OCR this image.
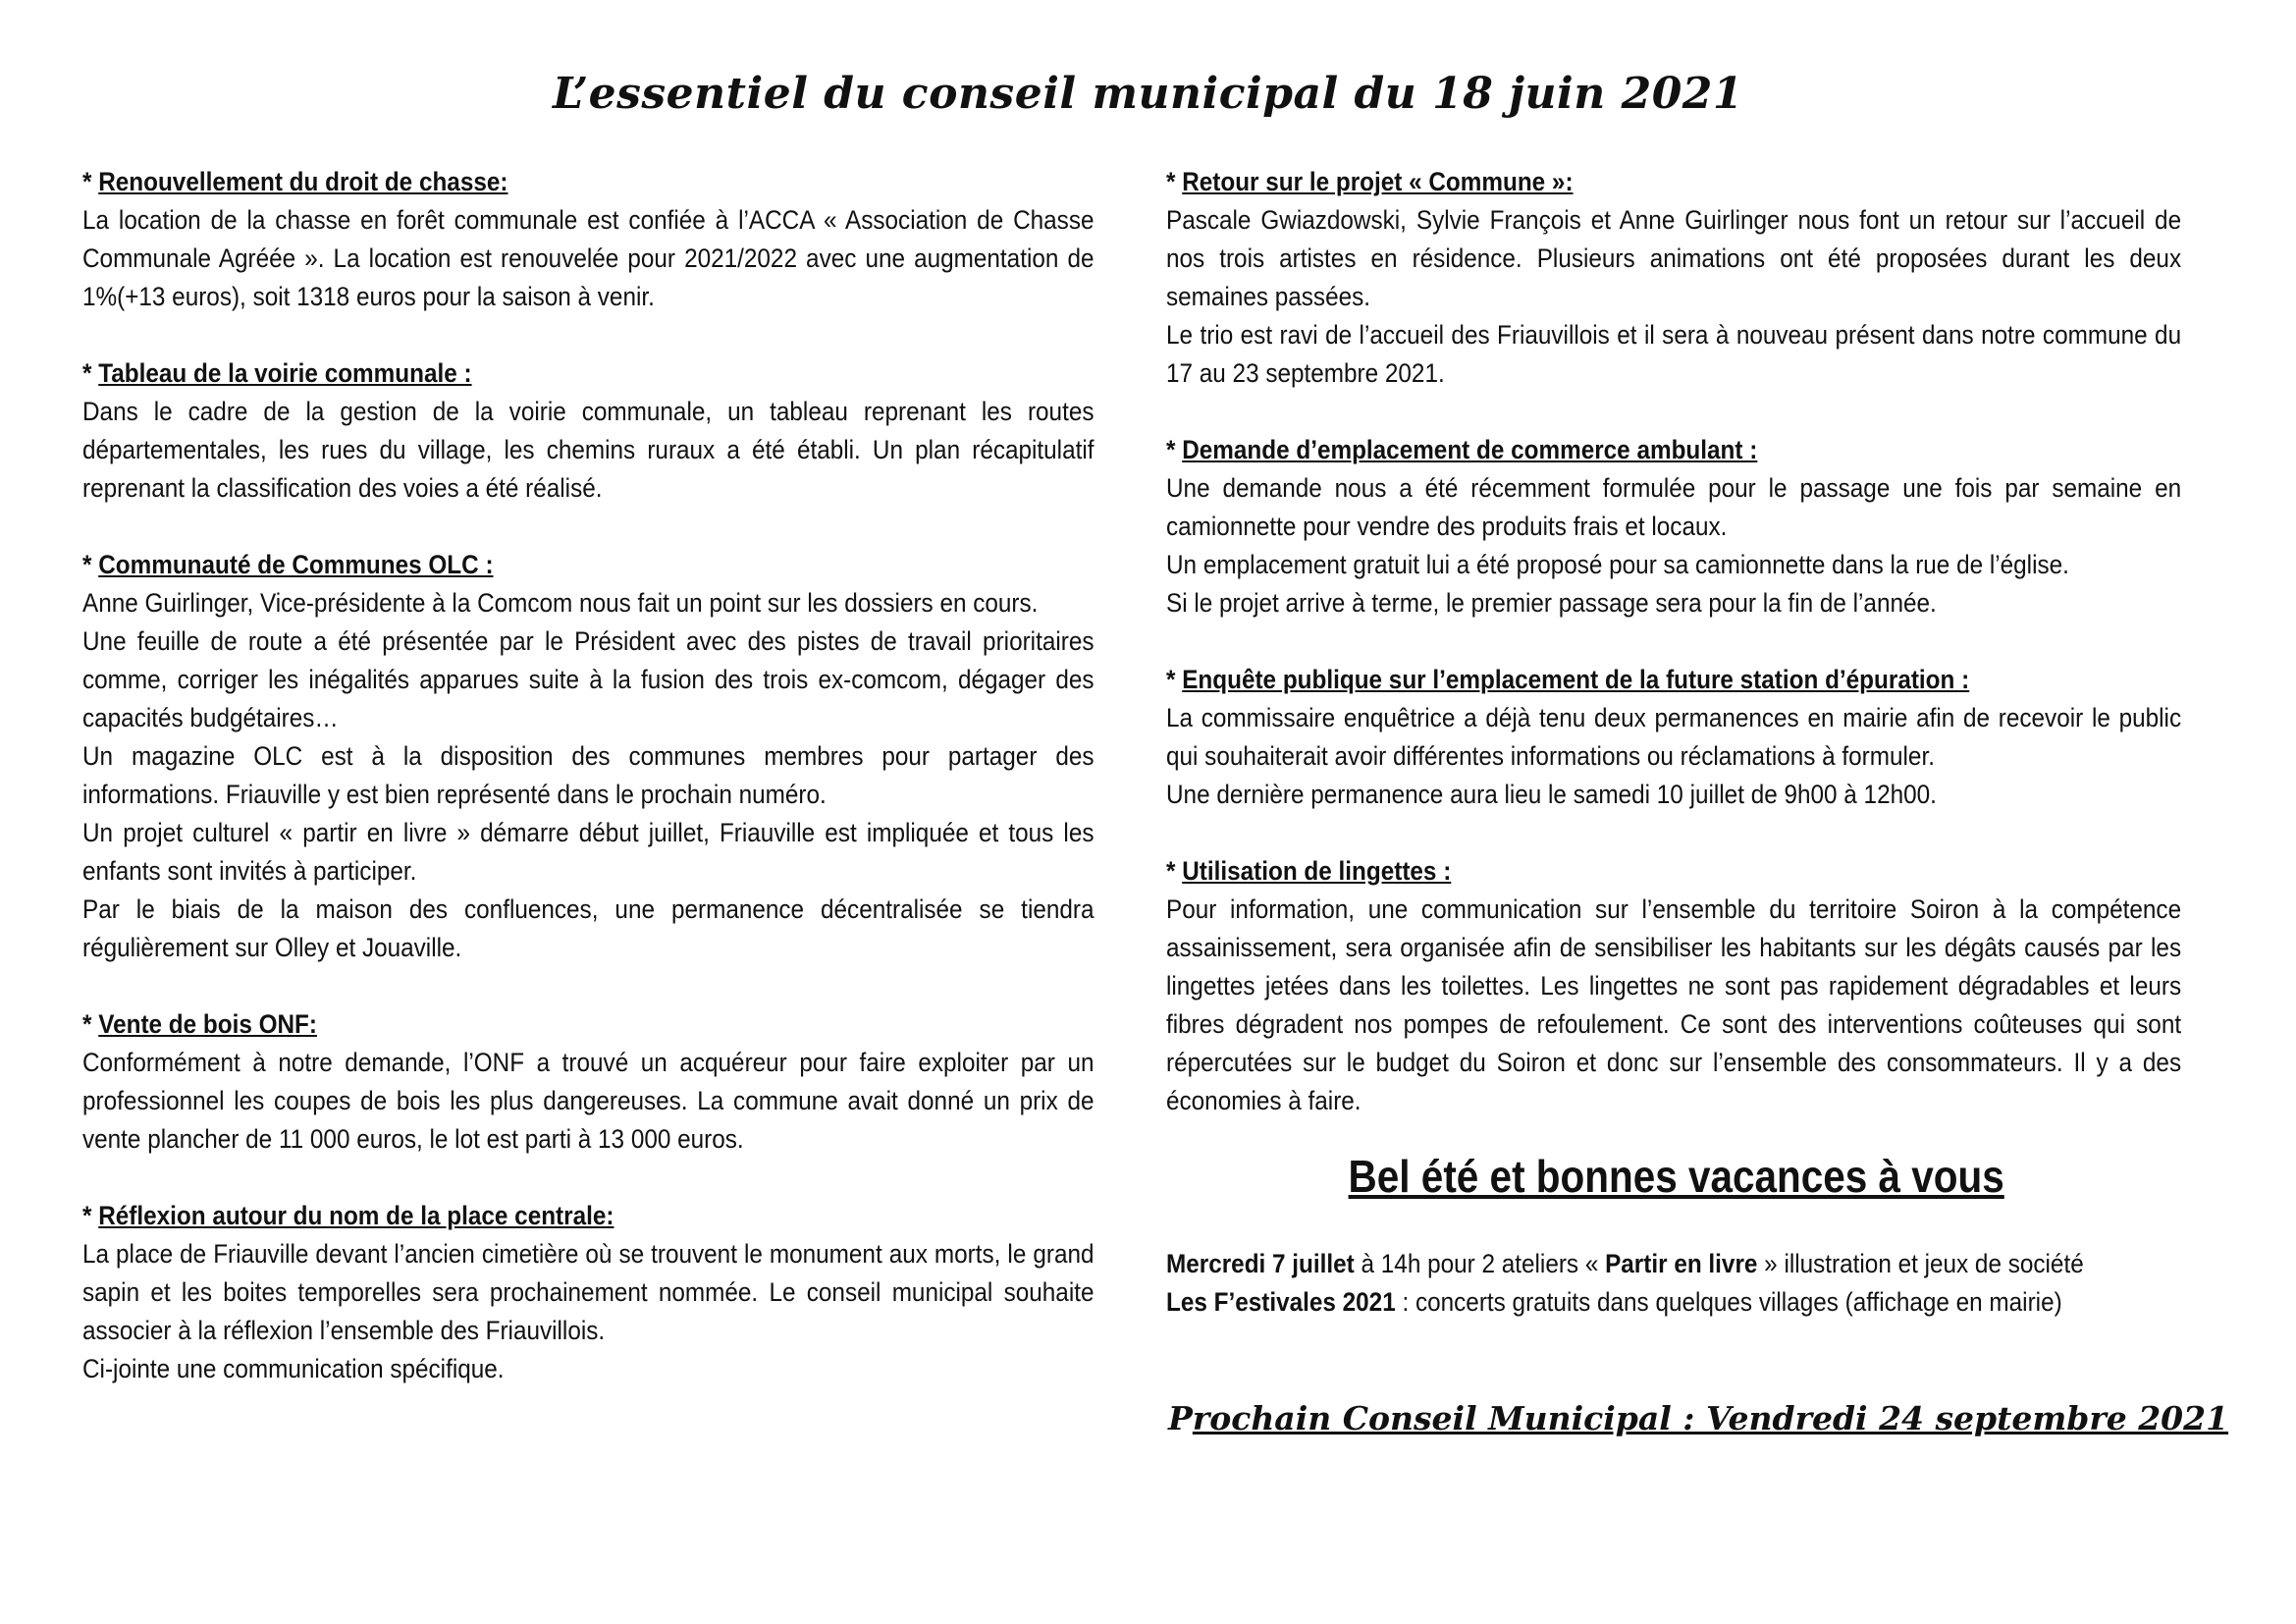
L’essentiel du conseil municipal du 18 juin 2021
* Renouvellement du droit de chasse:
La location de la chasse en forêt communale est confiée à l’ACCA « Association de Chasse Communale Agréée ». La location est renouvelée pour 2021/2022 avec une augmentation de 1%(+13 euros), soit 1318 euros pour la saison à venir.
* Tableau de la voirie communale :
Dans le cadre de la gestion de la voirie communale, un tableau reprenant les routes départementales, les rues du village, les chemins ruraux a été établi. Un plan récapitulatif reprenant la classification des voies a été réalisé.
* Communauté de Communes OLC :
Anne Guirlinger, Vice-présidente à la Comcom nous fait un point sur les dossiers en cours.
Une feuille de route a été présentée par le Président avec des pistes de travail prioritaires comme, corriger les inégalités apparues suite à la fusion des trois ex-comcom, dégager des capacités budgétaires…
Un magazine OLC est à la disposition des communes membres pour partager des informations. Friauville y est bien représenté dans le prochain numéro.
Un projet culturel « partir en livre » démarre début juillet, Friauville est impliquée et tous les enfants sont invités à participer.
Par le biais de la maison des confluences, une permanence décentralisée se tiendra régulièrement sur Olley et Jouaville.
* Vente de bois ONF:
Conformément à notre demande, l’ONF a trouvé un acquéreur pour faire exploiter par un professionnel les coupes de bois les plus dangereuses. La commune avait donné un prix de vente plancher de 11 000 euros, le lot est parti à 13 000 euros.
* Réflexion autour du nom de la place centrale:
La place de Friauville devant l’ancien cimetière où se trouvent le monument aux morts, le grand sapin et les boites temporelles sera prochainement nommée. Le conseil municipal souhaite associer à la réflexion l’ensemble des Friauvillois.
Ci-jointe une communication spécifique.
* Retour sur le projet « Commune »:
Pascale Gwiazdowski, Sylvie François et Anne Guirlinger nous font un retour sur l’accueil de nos trois artistes en résidence. Plusieurs animations ont été proposées durant les deux semaines passées.
Le trio est ravi de l’accueil des Friauvillois et il sera à nouveau présent dans notre commune du 17 au 23 septembre 2021.
* Demande d’emplacement de commerce ambulant :
Une demande nous a été récemment formulée pour le passage une fois par semaine en camionnette pour vendre des produits frais et locaux.
Un emplacement gratuit lui a été proposé pour sa camionnette dans la rue de l’église.
Si le projet arrive à terme, le premier passage sera pour la fin de l’année.
* Enquête publique sur l’emplacement de la future station d’épuration :
La commissaire enquêtrice a déjà tenu deux permanences en mairie afin de recevoir le public qui souhaiterait avoir différentes informations ou réclamations à formuler.
Une dernière permanence aura lieu le samedi 10 juillet de 9h00 à 12h00.
* Utilisation de lingettes :
Pour information, une communication sur l’ensemble du territoire Soiron à la compétence assainissement, sera organisée afin de sensibiliser les habitants sur les dégâts causés par les lingettes jetées dans les toilettes. Les lingettes ne sont pas rapidement dégradables et leurs fibres dégradent nos pompes de refoulement. Ce sont des interventions coûteuses qui sont répercutées sur le budget du Soiron et donc sur l’ensemble des consommateurs. Il y a des économies à faire.
Bel été et bonnes vacances à vous
Mercredi 7 juillet à 14h pour 2 ateliers « Partir en livre » illustration et jeux de société
Les F’estivales 2021 : concerts gratuits dans quelques villages (affichage en mairie)
Prochain Conseil Municipal : Vendredi 24 septembre 2021
